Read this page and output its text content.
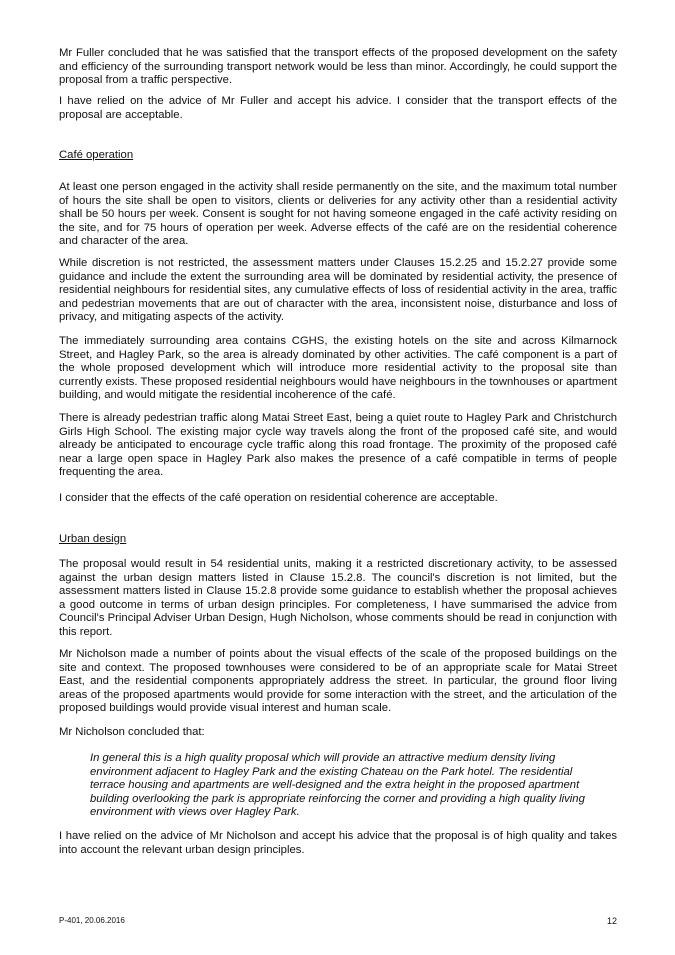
Mr Fuller concluded that he was satisfied that the transport effects of the proposed development on the safety and efficiency of the surrounding transport network would be less than minor. Accordingly, he could support the proposal from a traffic perspective.

I have relied on the advice of Mr Fuller and accept his advice. I consider that the transport effects of the proposal are acceptable.

Café operation

At least one person engaged in the activity shall reside permanently on the site, and the maximum total number of hours the site shall be open to visitors, clients or deliveries for any activity other than a residential activity shall be 50 hours per week. Consent is sought for not having someone engaged in the café activity residing on the site, and for 75 hours of operation per week. Adverse effects of the café are on the residential coherence and character of the area.

While discretion is not restricted, the assessment matters under Clauses 15.2.25 and 15.2.27 provide some guidance and include the extent the surrounding area will be dominated by residential activity, the presence of residential neighbours for residential sites, any cumulative effects of loss of residential activity in the area, traffic and pedestrian movements that are out of character with the area, inconsistent noise, disturbance and loss of privacy, and mitigating aspects of the activity.

The immediately surrounding area contains CGHS, the existing hotels on the site and across Kilmarnock Street, and Hagley Park, so the area is already dominated by other activities. The café component is a part of the whole proposed development which will introduce more residential activity to the proposal site than currently exists. These proposed residential neighbours would have neighbours in the townhouses or apartment building, and would mitigate the residential incoherence of the café.

There is already pedestrian traffic along Matai Street East, being a quiet route to Hagley Park and Christchurch Girls High School. The existing major cycle way travels along the front of the proposed café site, and would already be anticipated to encourage cycle traffic along this road frontage. The proximity of the proposed café near a large open space in Hagley Park also makes the presence of a café compatible in terms of people frequenting the area.

I consider that the effects of the café operation on residential coherence are acceptable.

Urban design

The proposal would result in 54 residential units, making it a restricted discretionary activity, to be assessed against the urban design matters listed in Clause 15.2.8. The council's discretion is not limited, but the assessment matters listed in Clause 15.2.8 provide some guidance to establish whether the proposal achieves a good outcome in terms of urban design principles. For completeness, I have summarised the advice from Council's Principal Adviser Urban Design, Hugh Nicholson, whose comments should be read in conjunction with this report.

Mr Nicholson made a number of points about the visual effects of the scale of the proposed buildings on the site and context. The proposed townhouses were considered to be of an appropriate scale for Matai Street East, and the residential components appropriately address the street. In particular, the ground floor living areas of the proposed apartments would provide for some interaction with the street, and the articulation of the proposed buildings would provide visual interest and human scale.

Mr Nicholson concluded that:

In general this is a high quality proposal which will provide an attractive medium density living environment adjacent to Hagley Park and the existing Chateau on the Park hotel. The residential terrace housing and apartments are well-designed and the extra height in the proposed apartment building overlooking the park is appropriate reinforcing the corner and providing a high quality living environment with views over Hagley Park.

I have relied on the advice of Mr Nicholson and accept his advice that the proposal is of high quality and takes into account the relevant urban design principles.

P-401, 20.06.2016	12
